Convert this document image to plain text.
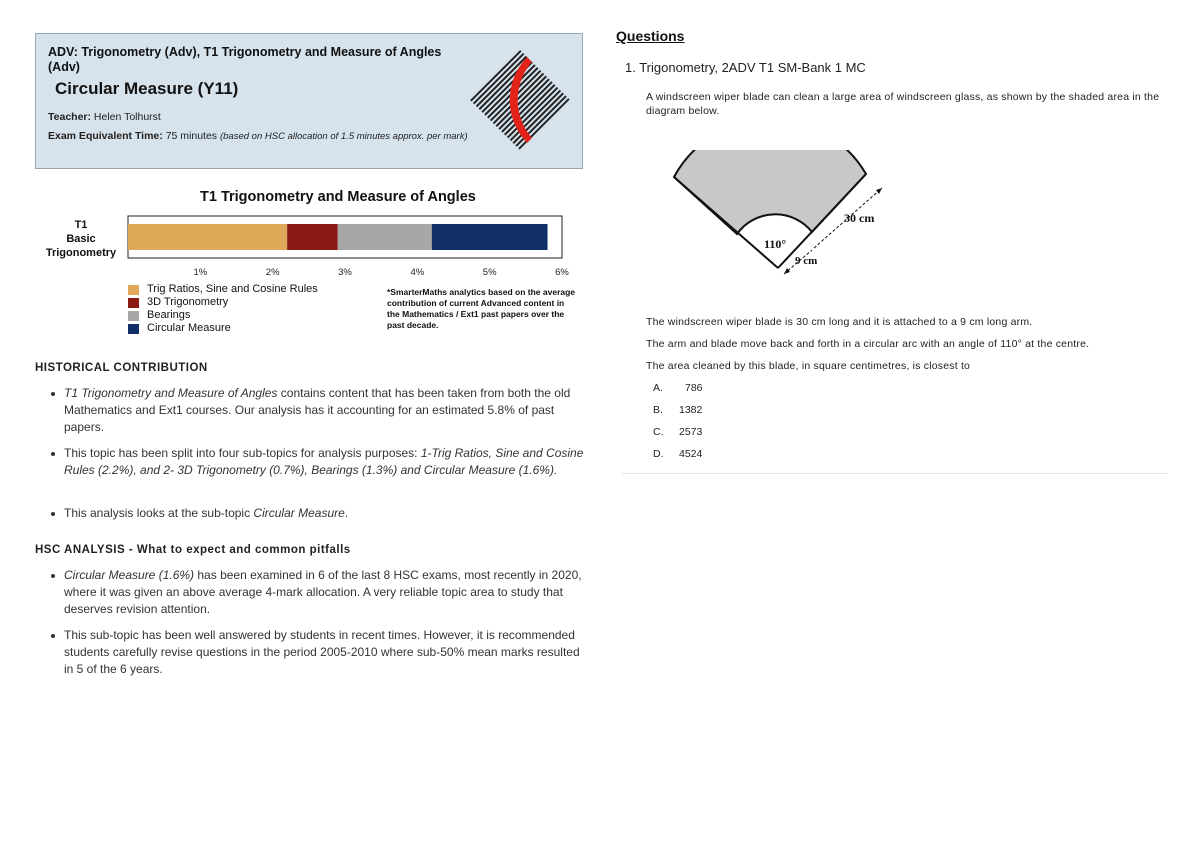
ADV: Trigonometry (Adv), T1 Trigonometry and Measure of Angles (Adv)
Circular Measure (Y11)
Teacher: Helen Tolhurst
Exam Equivalent Time: 75 minutes (based on HSC allocation of 1.5 minutes approx. per mark)
T1 Trigonometry and Measure of Angles
T1
Basic
Trigonometry
1%	2%	3%	4%	5%	6%
Trig Ratios, Sine and Cosine Rules
3D Trigonometry
Bearings
Circular Measure
*SmarterMaths analytics based on the average contribution of current Advanced content in the Mathematics / Ext1 past papers over the past decade.
HISTORICAL CONTRIBUTION
T1 Trigonometry and Measure of Angles contains content that has been taken from both the old Mathematics and Ext1 courses. Our analysis has it accounting for an estimated 5.8% of past papers.
This topic has been split into four sub-topics for analysis purposes: 1-Trig Ratios, Sine and Cosine Rules (2.2%), and 2- 3D Trigonometry (0.7%), Bearings (1.3%) and Circular Measure (1.6%).
This analysis looks at the sub-topic Circular Measure.
HSC ANALYSIS - What to expect and common pitfalls
Circular Measure (1.6%) has been examined in 6 of the last 8 HSC exams, most recently in 2020, where it was given an above average 4-mark allocation. A very reliable topic area to study that deserves revision attention.
This sub-topic has been well answered by students in recent times. However, it is recommended students carefully revise questions in the period 2005-2010 where sub-50% mean marks resulted in 5 of the 6 years.
Questions
1. Trigonometry, 2ADV T1 SM-Bank 1 MC
A windscreen wiper blade can clean a large area of windscreen glass, as shown by the shaded area in the diagram below.
110°
30 cm
9 cm
The windscreen wiper blade is 30 cm long and it is attached to a 9 cm long arm.
The arm and blade move back and forth in a circular arc with an angle of 110° at the centre.
The area cleaned by this blade, in square centimetres, is closest to
A. 786
B. 1382
C. 2573
D. 4524
